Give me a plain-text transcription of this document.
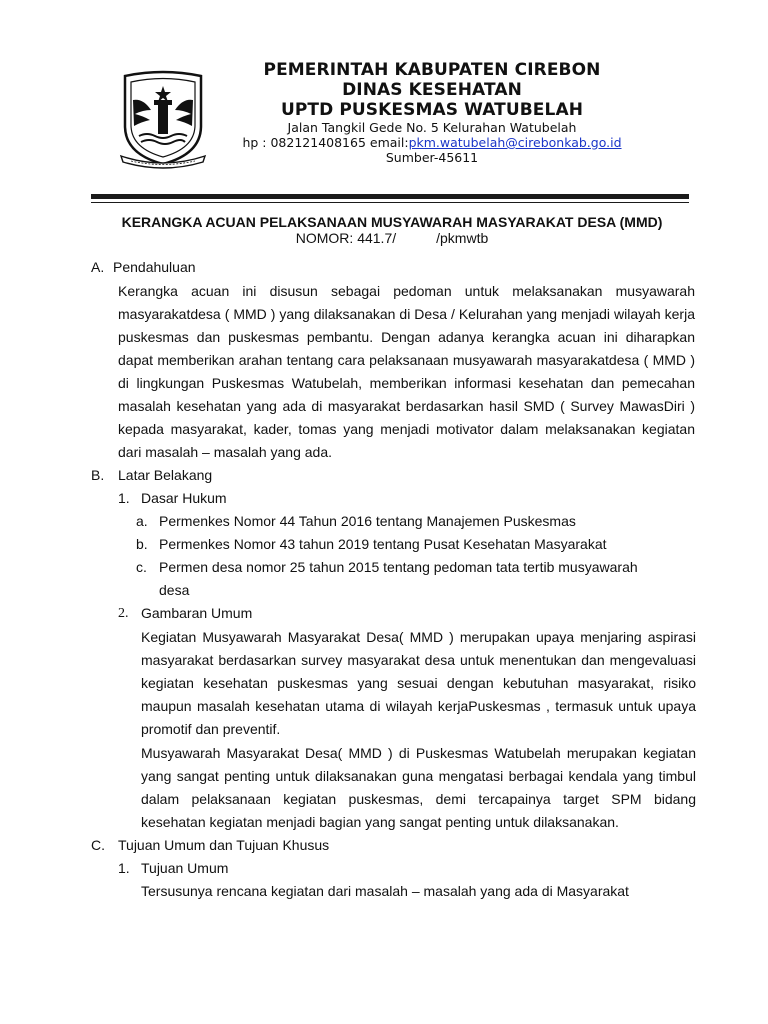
PEMERINTAH KABUPATEN CIREBON
DINAS KESEHATAN
UPTD PUSKESMAS WATUBELAH
Jalan Tangkil Gede No. 5 Kelurahan Watubelah
hp : 082121408165 email:pkm.watubelah@cirebonkab.go.id
Sumber-45611
KERANGKA ACUAN PELAKSANAAN MUSYAWARAH MASYARAKAT DESA (MMD)
NOMOR: 441.7/	/pkmwtb
A. Pendahuluan
Kerangka acuan ini disusun sebagai pedoman untuk melaksanakan musyawarah masyarakatdesa ( MMD ) yang dilaksanakan di Desa / Kelurahan yang menjadi wilayah kerja puskesmas dan puskesmas pembantu. Dengan adanya kerangka acuan ini diharapkan dapat memberikan arahan tentang cara pelaksanaan musyawarah masyarakatdesa ( MMD ) di lingkungan Puskesmas Watubelah, memberikan informasi kesehatan dan pemecahan masalah kesehatan yang ada di masyarakat berdasarkan hasil SMD ( Survey MawasDiri ) kepada masyarakat, kader, tomas yang menjadi motivator dalam melaksanakan kegiatan dari masalah – masalah yang ada.
B. Latar Belakang
1. Dasar Hukum
a. Permenkes Nomor 44 Tahun 2016 tentang Manajemen Puskesmas
b. Permenkes Nomor 43 tahun 2019 tentang Pusat Kesehatan Masyarakat
c. Permen desa nomor 25 tahun 2015 tentang pedoman tata tertib musyawarah
desa
2. Gambaran Umum
Kegiatan Musyawarah Masyarakat Desa( MMD ) merupakan upaya menjaring aspirasi masyarakat berdasarkan survey masyarakat desa untuk menentukan dan mengevaluasi kegiatan kesehatan puskesmas yang sesuai dengan kebutuhan masyarakat, risiko maupun masalah kesehatan utama di wilayah kerjaPuskesmas , termasuk untuk upaya promotif dan preventif.
Musyawarah Masyarakat Desa( MMD ) di Puskesmas Watubelah merupakan kegiatan yang sangat penting untuk dilaksanakan guna mengatasi berbagai kendala yang timbul dalam pelaksanaan kegiatan puskesmas, demi tercapainya target SPM bidang kesehatan kegiatan menjadi bagian yang sangat penting untuk dilaksanakan.
C. Tujuan Umum dan Tujuan Khusus
1. Tujuan Umum
Tersusunya rencana kegiatan dari masalah – masalah yang ada di Masyarakat
